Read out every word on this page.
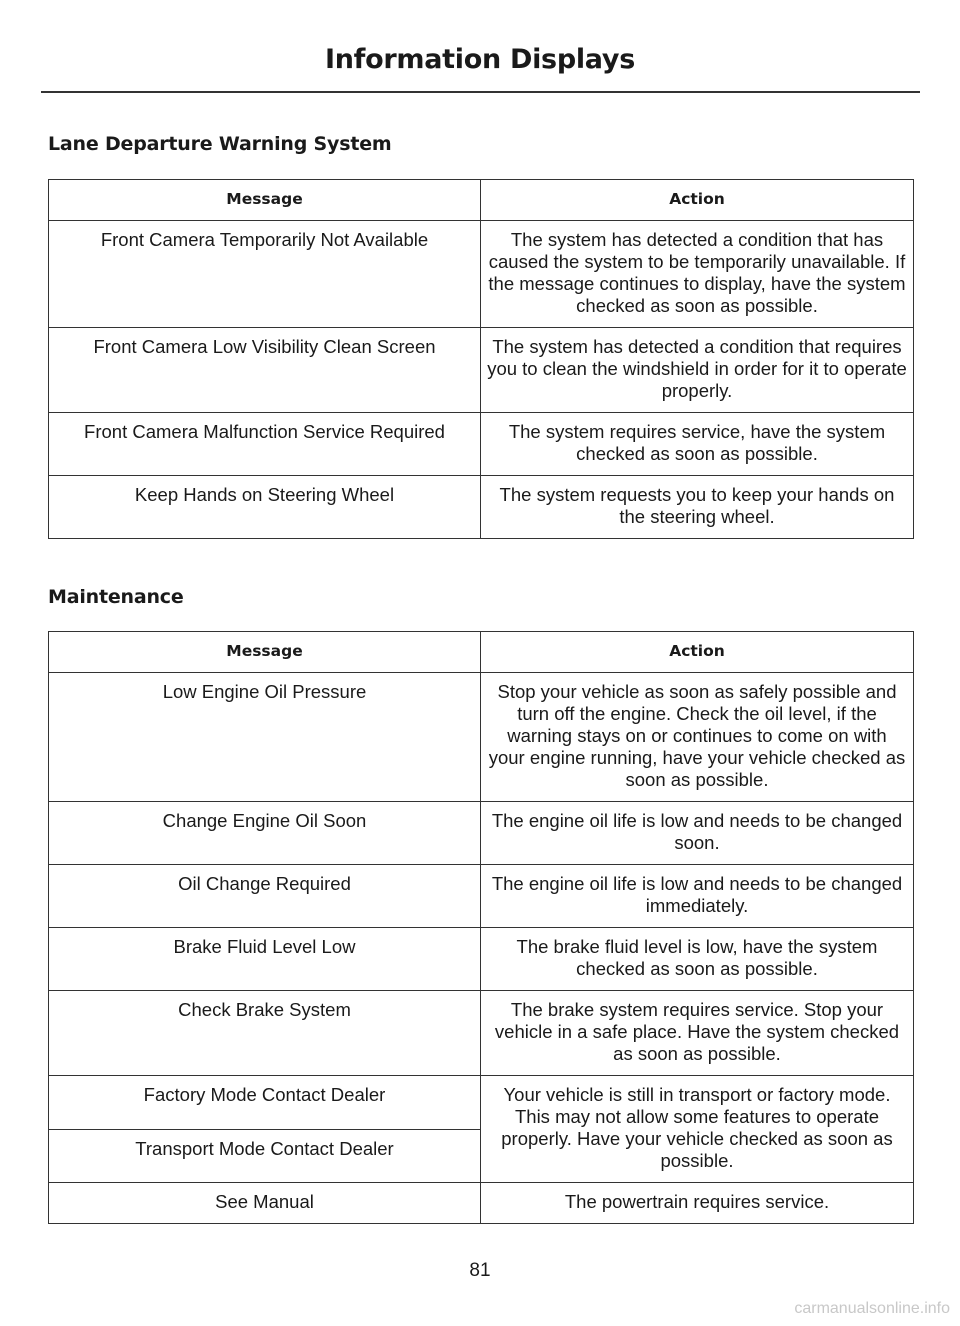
Information Displays
Lane Departure Warning System
Message	Action
Front Camera Temporarily Not Available	The system has detected a condition that has caused the system to be temporarily unavailable. If the message continues to display, have the system checked as soon as possible.
Front Camera Low Visibility Clean Screen	The system has detected a condition that requires you to clean the windshield in order for it to operate properly.
Front Camera Malfunction Service Required	The system requires service, have the system checked as soon as possible.
Keep Hands on Steering Wheel	The system requests you to keep your hands on the steering wheel.
Maintenance
Message	Action
Low Engine Oil Pressure	Stop your vehicle as soon as safely possible and turn off the engine. Check the oil level, if the warning stays on or continues to come on with your engine running, have your vehicle checked as soon as possible.
Change Engine Oil Soon	The engine oil life is low and needs to be changed soon.
Oil Change Required	The engine oil life is low and needs to be changed immediately.
Brake Fluid Level Low	The brake fluid level is low, have the system checked as soon as possible.
Check Brake System	The brake system requires service. Stop your vehicle in a safe place. Have the system checked as soon as possible.
Factory Mode Contact Dealer	Your vehicle is still in transport or factory mode. This may not allow some features to operate properly. Have your vehicle checked as soon as possible.
Transport Mode Contact Dealer	
See Manual	The powertrain requires service.
81
carmanualsonline.info
